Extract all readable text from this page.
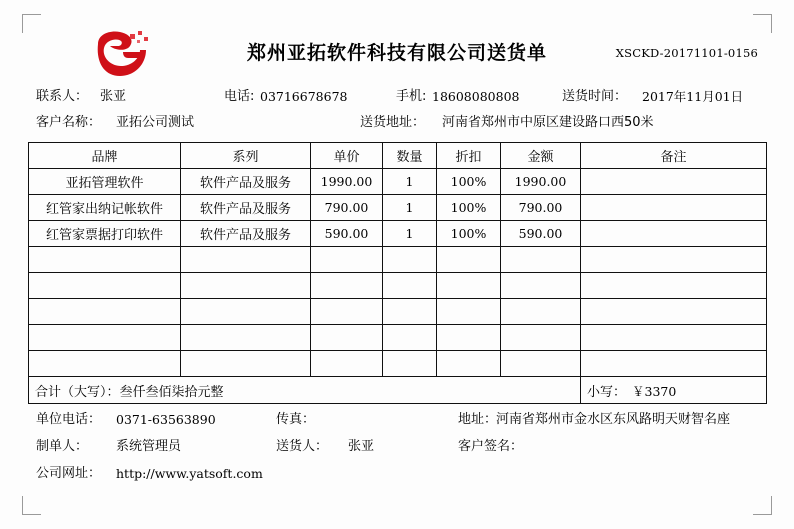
郑州亚拓软件科技有限公司送货单	XSCKD-20171101-0156
联系人： 张亚	电话: 03716678678	手机: 18608080808	送货时间： 2017年11月01日
客户名称： 亚拓公司测试	送货地址： 河南省郑州市中原区建设路口西50米
品牌	系列	单价	数量	折扣	金额	备注
亚拓管理软件	软件产品及服务	1990.00	1	100%	1990.00	
红管家出纳记帐软件	软件产品及服务	790.00	1	100%	790.00	
红管家票据打印软件	软件产品及服务	590.00	1	100%	590.00	

合计（大写）：叁仟叁佰柒拾元整	小写： ￥3370
单位电话： 0371-63563890	传真：	地址：
河南省郑州市金水区东风路明天财智名座
制单人： 系统管理员	送货人： 张亚	客户签名：
公司网址： http://www.yatsoft.com
